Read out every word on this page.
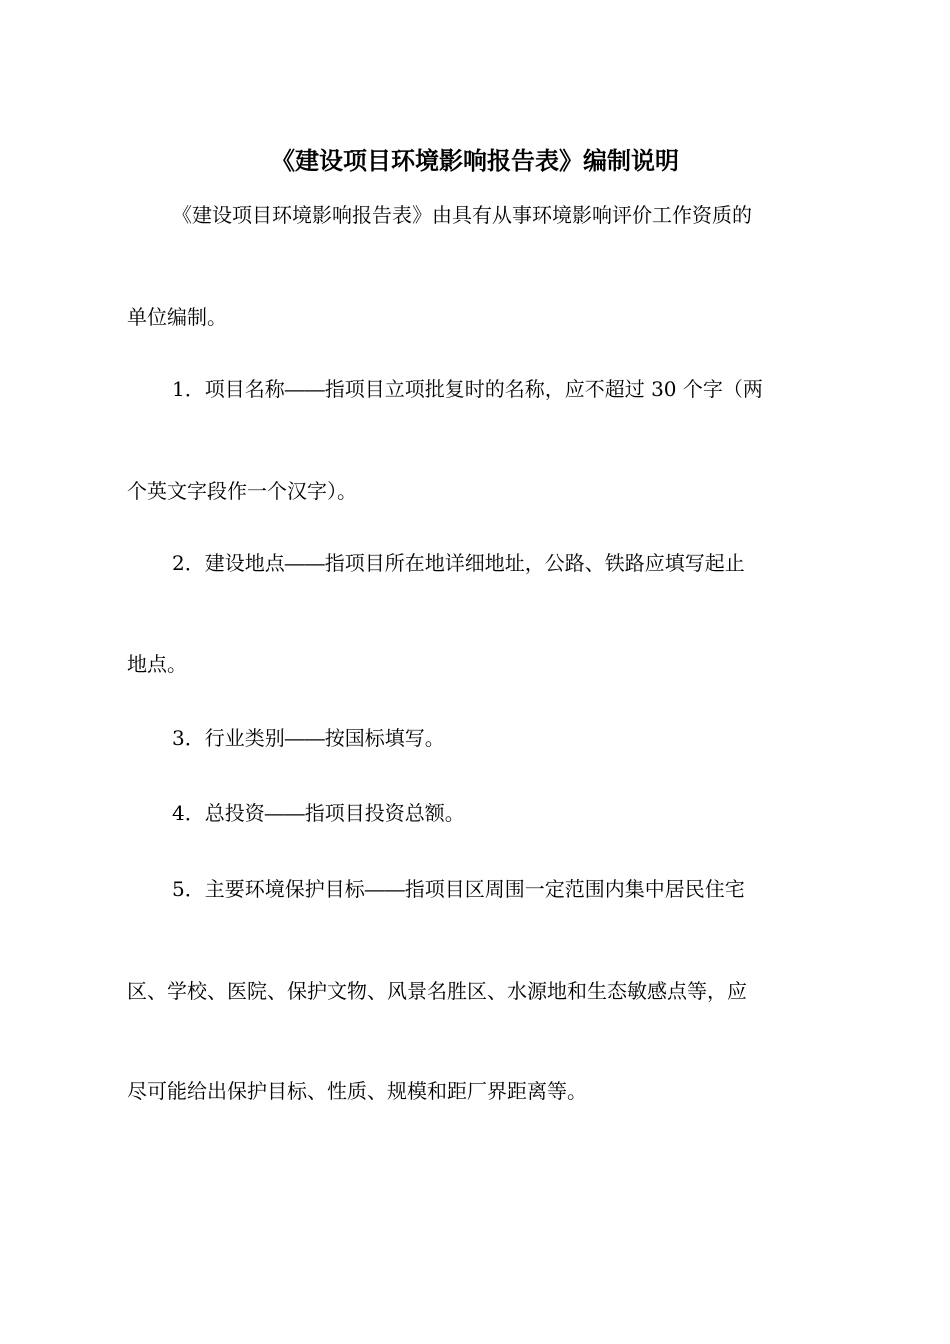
《建设项目环境影响报告表》编制说明

《建设项目环境影响报告表》由具有从事环境影响评价工作资质的

单位编制。

1．项目名称――指项目立项批复时的名称，应不超过 30 个字（两

个英文字段作一个汉字）。

2．建设地点――指项目所在地详细地址，公路、铁路应填写起止

地点。

3．行业类别――按国标填写。

4．总投资――指项目投资总额。

5．主要环境保护目标――指项目区周围一定范围内集中居民住宅

区、学校、医院、保护文物、风景名胜区、水源地和生态敏感点等，应

尽可能给出保护目标、性质、规模和距厂界距离等。
